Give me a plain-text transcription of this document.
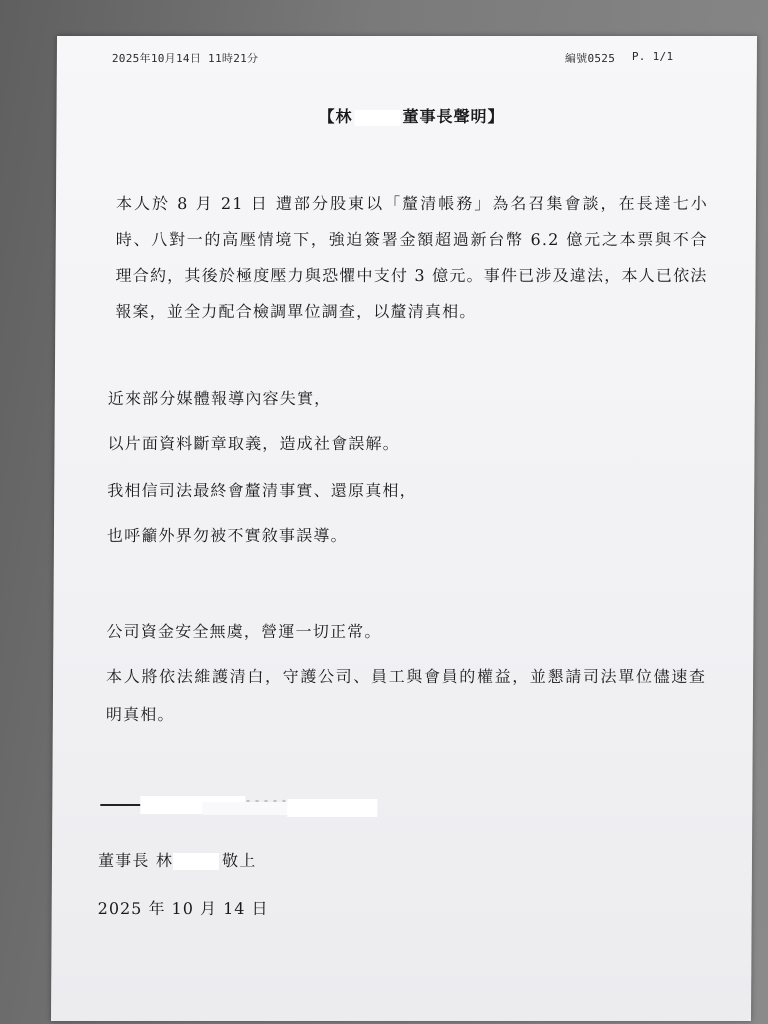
2025年10月14日 11時21分	編號0525 P. 1/1
【林	董事長聲明】
本人於 8 月 21 日 遭部分股東以「釐清帳務」為名召集會談，在長達七小時、八對一的高壓情境下，強迫簽署金額超過新台幣 6.2 億元之本票與不合理合約，其後於極度壓力與恐懼中支付 3 億元。事件已涉及違法，本人已依法報案，並全力配合檢調單位調查，以釐清真相。
近來部分媒體報導內容失實，
以片面資料斷章取義，造成社會誤解。
我相信司法最終會釐清事實、還原真相，
也呼籲外界勿被不實敘事誤導。
公司資金安全無虞，營運一切正常。
本人將依法維護清白，守護公司、員工與會員的權益，並懇請司法單位儘速查明真相。
董事長 林	敬上
2025 年 10 月 14 日
